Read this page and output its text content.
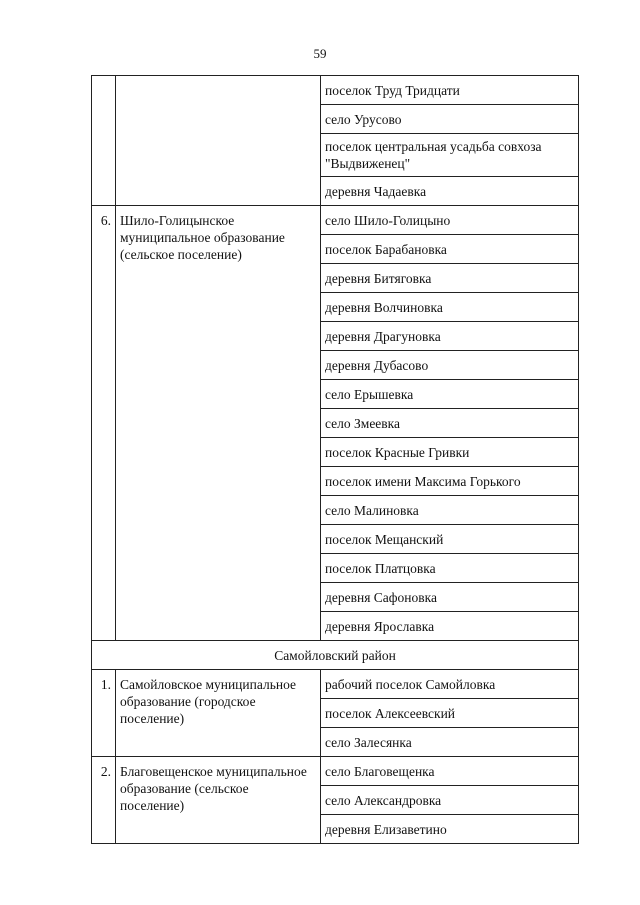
59
		поселок Труд Тридцати
		село Урусово
		поселок центральная усадьба совхоза "Выдвиженец"
		деревня Чадаевка
6.	Шило-Голицынское муниципальное образование (сельское поселение)	село Шило-Голицыно
		поселок Барабановка
		деревня Битяговка
		деревня Волчиновка
		деревня Драгуновка
		деревня Дубасово
		село Ерышевка
		село Змеевка
		поселок Красные Гривки
		поселок имени Максима Горького
		село Малиновка
		поселок Мещанский
		поселок Платцовка
		деревня Сафоновка
		деревня Ярославка
Самойловский район		
1.	Самойловское муниципальное образование (городское поселение)	рабочий поселок Самойловка
		поселок Алексеевский
		село Залесянка
2.	Благовещенское муниципальное образование (сельское поселение)	село Благовещенка
		село Александровка
		деревня Елизаветино
